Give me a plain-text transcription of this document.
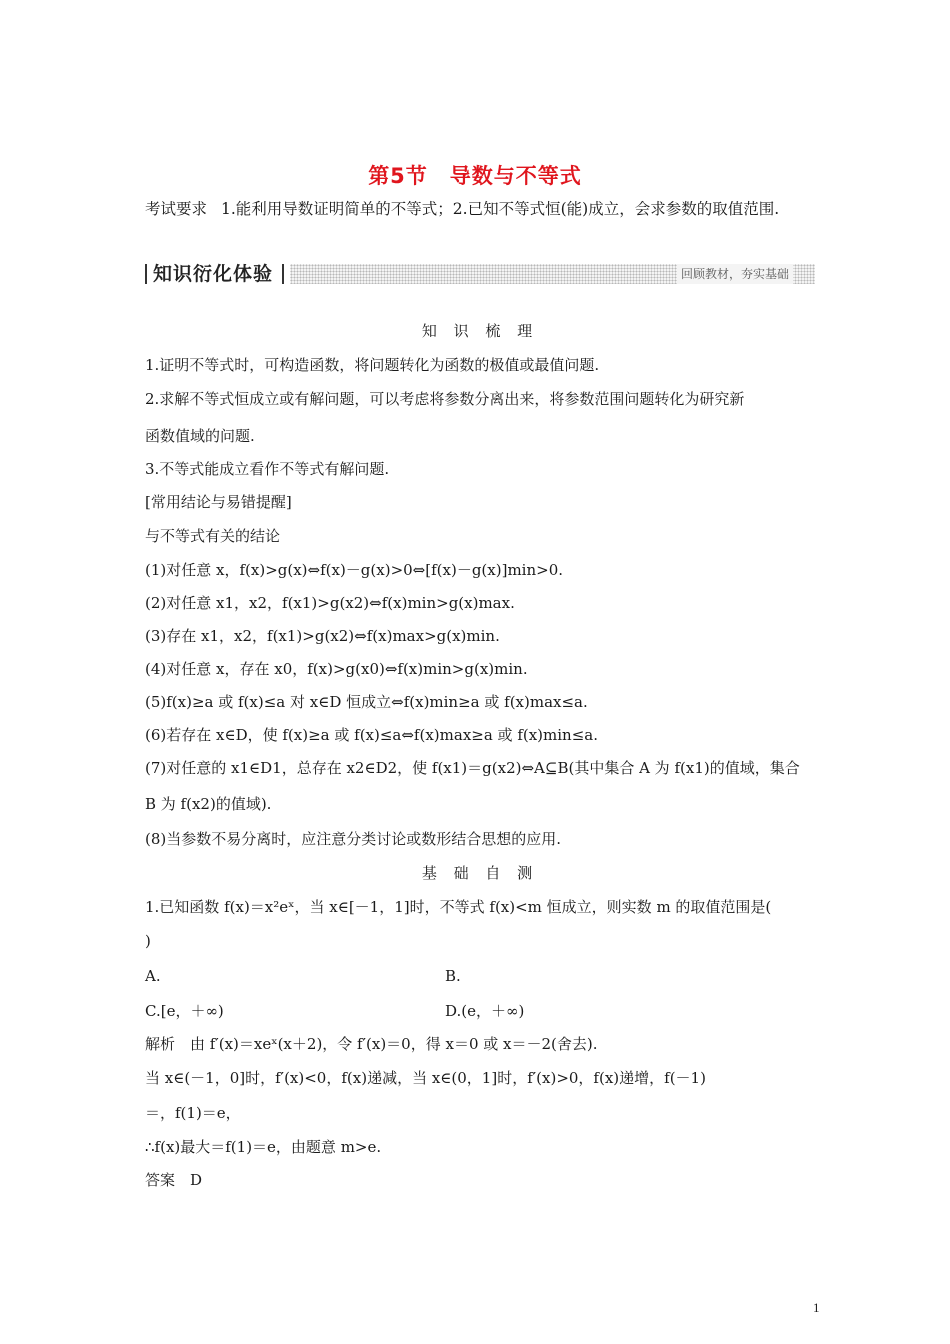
第5节　导数与不等式
考试要求 1.能利用导数证明简单的不等式；2.已知不等式恒(能)成立，会求参数的取值范围.
知识衍化体验	回顾教材，夯实基础
知 识 梳 理
1.证明不等式时，可构造函数，将问题转化为函数的极值或最值问题.
2.求解不等式恒成立或有解问题，可以考虑将参数分离出来，将参数范围问题转化为研究新
函数值域的问题.
3.不等式能成立看作不等式有解问题.
[常用结论与易错提醒]
与不等式有关的结论
(1)对任意 x，f(x)>g(x)⇔f(x)－g(x)>0⇔[f(x)－g(x)]min>0.
(2)对任意 x1，x2，f(x1)>g(x2)⇔f(x)min>g(x)max.
(3)存在 x1，x2，f(x1)>g(x2)⇔f(x)max>g(x)min.
(4)对任意 x，存在 x0，f(x)>g(x0)⇔f(x)min>g(x)min.
(5)f(x)≥a 或 f(x)≤a 对 x∈D 恒成立⇔f(x)min≥a 或 f(x)max≤a.
(6)若存在 x∈D，使 f(x)≥a 或 f(x)≤a⇔f(x)max≥a 或 f(x)min≤a.
(7)对任意的 x1∈D1，总存在 x2∈D2，使 f(x1)＝g(x2)⇔A⊆B(其中集合 A 为 f(x1)的值域，集合
B 为 f(x2)的值域).
(8)当参数不易分离时，应注意分类讨论或数形结合思想的应用.
基 础 自 测
1.已知函数 f(x)＝x²eˣ，当 x∈[－1，1]时，不等式 f(x)<m 恒成立，则实数 m 的取值范围是(
)
A.	B.
C.[e，＋∞)	D.(e，＋∞)
解析　由 f′(x)＝xeˣ(x＋2)，令 f′(x)＝0，得 x＝0 或 x＝－2(舍去).
当 x∈(－1，0]时，f′(x)<0，f(x)递减，当 x∈(0，1]时，f′(x)>0，f(x)递增，f(－1)
＝，f(1)＝e，
∴f(x)最大＝f(1)＝e，由题意 m>e.
答案　D
1
